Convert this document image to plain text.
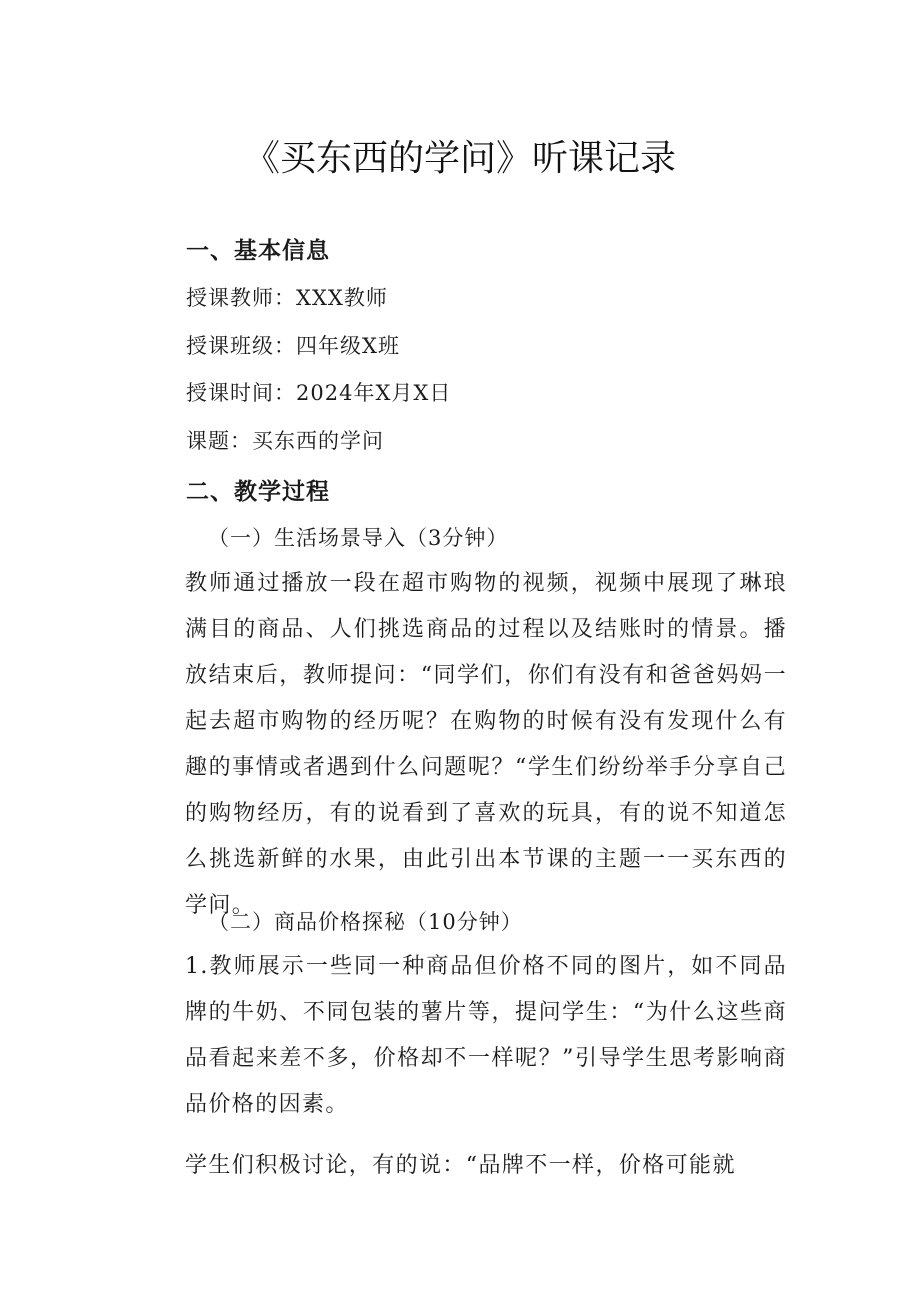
《买东西的学问》听课记录
一、基本信息
授课教师：XXX教师
授课班级：四年级X班
授课时间：2024年X月X日
课题：买东西的学问
二、教学过程
（一）生活场景导入（3分钟）
教师通过播放一段在超市购物的视频，视频中展现了琳琅满目的商品、人们挑选商品的过程以及结账时的情景。播放结束后，教师提问：“同学们，你们有没有和爸爸妈妈一起去超市购物的经历呢？在购物的时候有没有发现什么有趣的事情或者遇到什么问题呢？“学生们纷纷举手分享自己的购物经历，有的说看到了喜欢的玩具，有的说不知道怎么挑选新鲜的水果，由此引出本节课的主题一一买东西的学问。
（二）商品价格探秘（10分钟）
1.教师展示一些同一种商品但价格不同的图片，如不同品牌的牛奶、不同包装的薯片等，提问学生：“为什么这些商品看起来差不多，价格却不一样呢？”引导学生思考影响商品价格的因素。
学生们积极讨论，有的说：“品牌不一样，价格可能就
